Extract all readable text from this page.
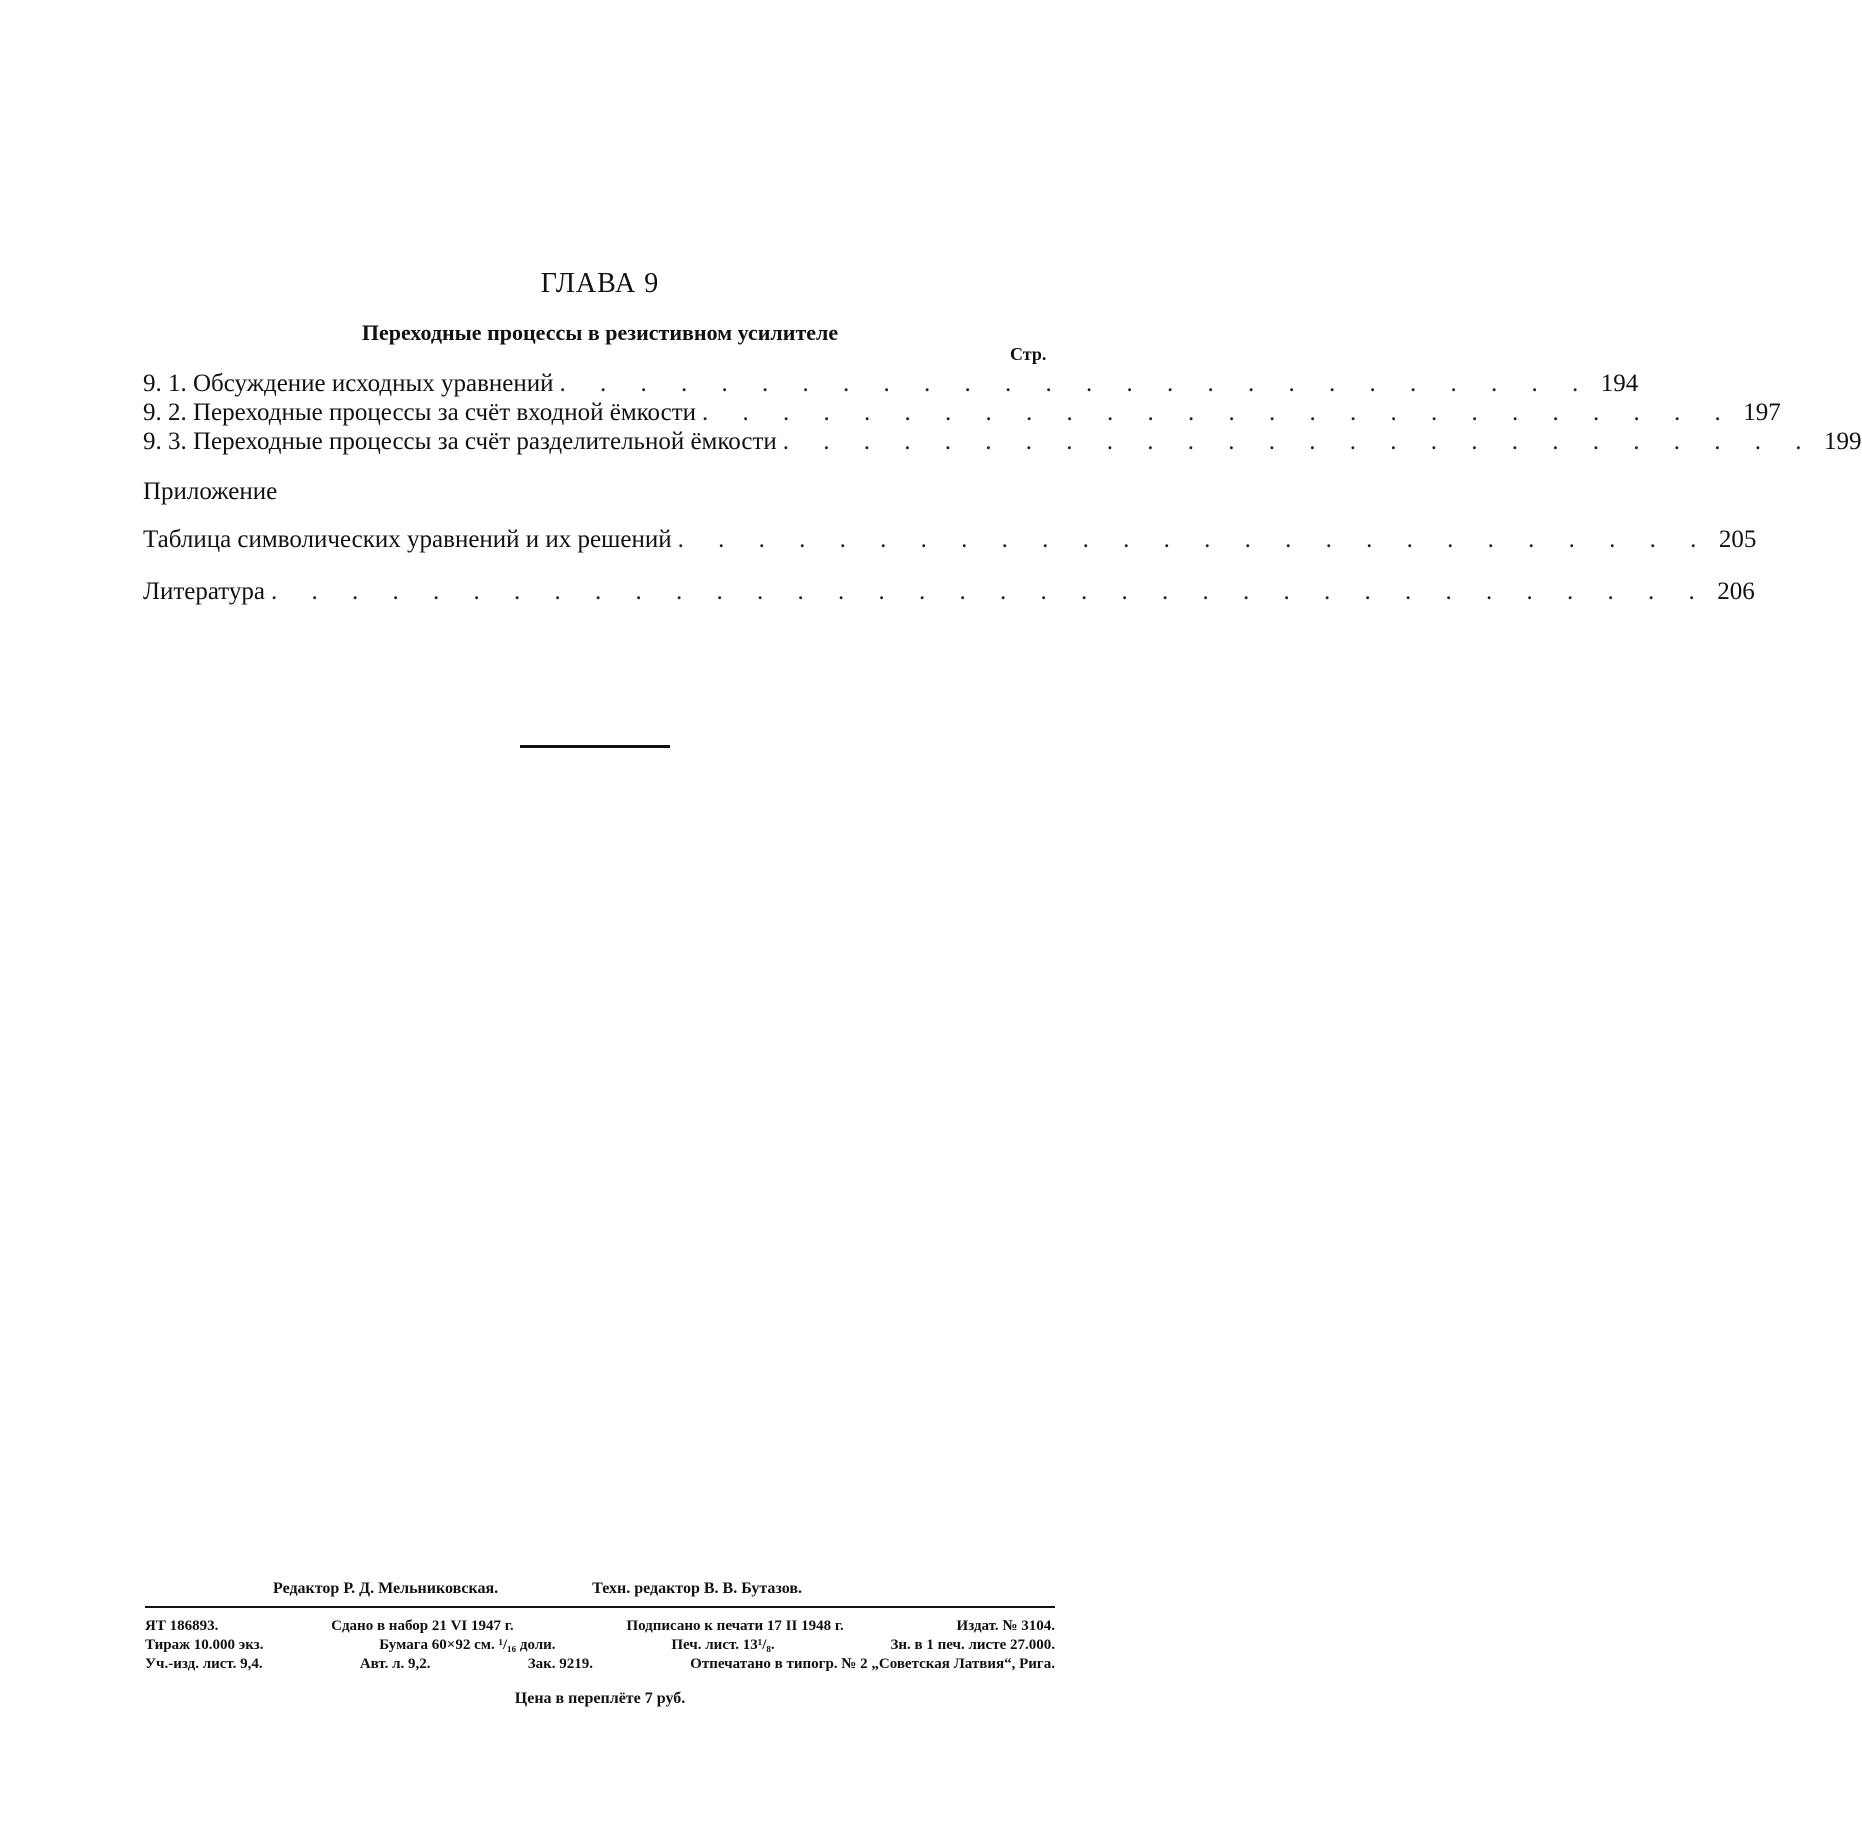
ГЛАВА 9
Переходные процессы в резистивном усилителе
Стр.
9. 1. Обсуждение исходных уравнений . . . . . . . . . . . . . . . . . . . . . . . . . . 194
9. 2. Переходные процессы за счёт входной ёмкости . . . . . . . . . . . . . . . . . . . . . . . . . . 197
9. 3. Переходные процессы за счёт разделительной ёмкости . . . . . . . . . . . . . . . . . . . . . . . . . . 199
Приложение
Таблица символических уравнений и их решений . . . . . . . . . . . . . . . . . . . . . . . . . . 205
Литература . . . . . . . . . . . . . . . . . . . . . . . . . . . . . . . . . . . . 206
Редактор Р. Д. Мельниковская.	Техн. редактор В. В. Бутазов.
ЯТ 186893.	Сдано в набор 21 VI 1947 г.	Подписано к печати 17 II 1948 г.	Издат. № 3104.
Тираж 10.000 экз.	Бумага 60×92 см. ¹/₁₆ доли.	Печ. лист. 13¹/₈.	Зн. в 1 печ. листе 27.000.
Уч.-изд. лист. 9,4.	Авт. л. 9,2.	Зак. 9219.	Отпечатано в типогр. № 2 „Советская Латвия“, Рига.
Цена в переплёте 7 руб.
